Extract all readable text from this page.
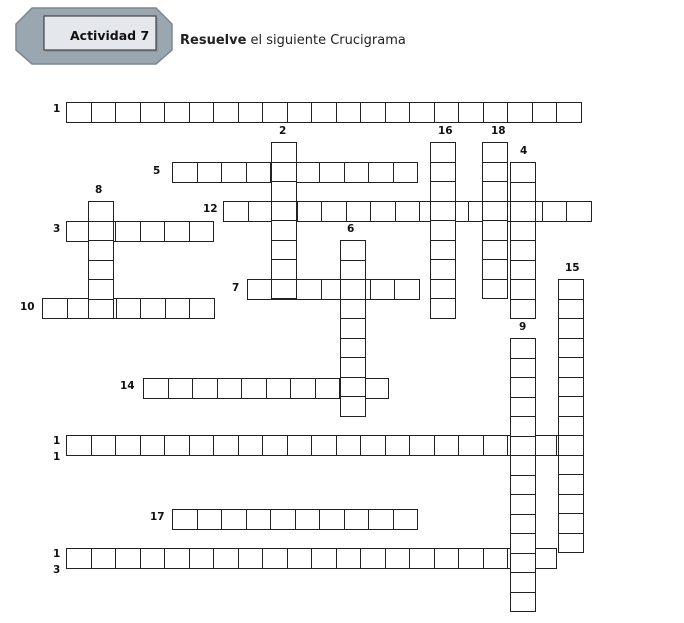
Actividad 7 Resuelve el siguiente Crucigrama
1
2	16	18
4
5
8
12
3	6
15
7
10
9
14
1
1
17
1
3
